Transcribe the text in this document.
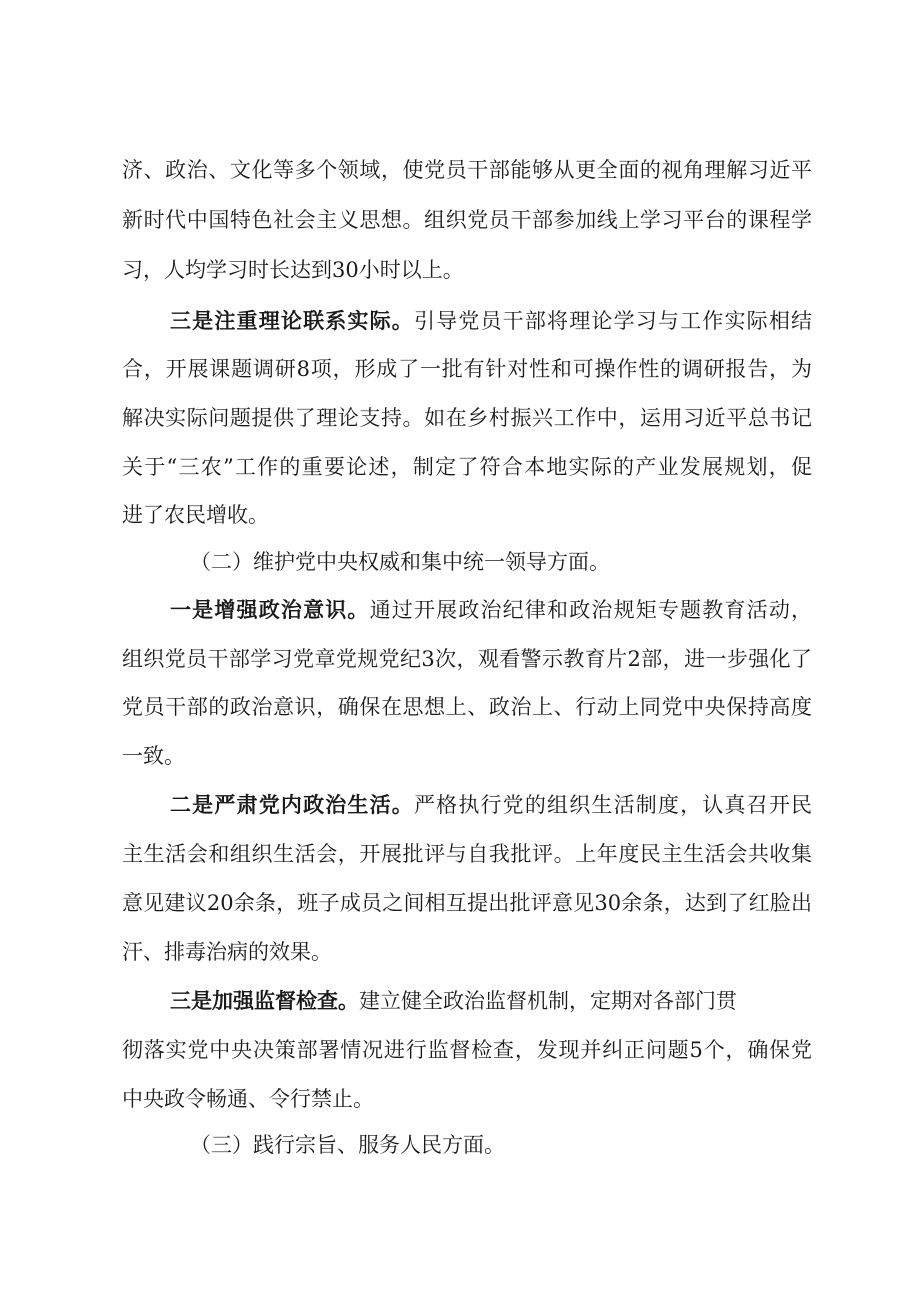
济、政治、文化等多个领域，使党员干部能够从更全面的视角理解习近平
新时代中国特色社会主义思想。组织党员干部参加线上学习平台的课程学
习，人均学习时长达到30小时以上。
三是注重理论联系实际。引导党员干部将理论学习与工作实际相结
合，开展课题调研8项，形成了一批有针对性和可操作性的调研报告，为
解决实际问题提供了理论支持。如在乡村振兴工作中，运用习近平总书记
关于“三农”工作的重要论述，制定了符合本地实际的产业发展规划，促
进了农民增收。
（二）维护党中央权威和集中统一领导方面。
一是增强政治意识。通过开展政治纪律和政治规矩专题教育活动，
组织党员干部学习党章党规党纪3次，观看警示教育片2部，进一步强化了
党员干部的政治意识，确保在思想上、政治上、行动上同党中央保持高度
一致。
二是严肃党内政治生活。严格执行党的组织生活制度，认真召开民
主生活会和组织生活会，开展批评与自我批评。上年度民主生活会共收集
意见建议20余条，班子成员之间相互提出批评意见30余条，达到了红脸出
汗、排毒治病的效果。
三是加强监督检查。建立健全政治监督机制，定期对各部门贯
彻落实党中央决策部署情况进行监督检查，发现并纠正问题5个，确保党
中央政令畅通、令行禁止。
（三）践行宗旨、服务人民方面。
